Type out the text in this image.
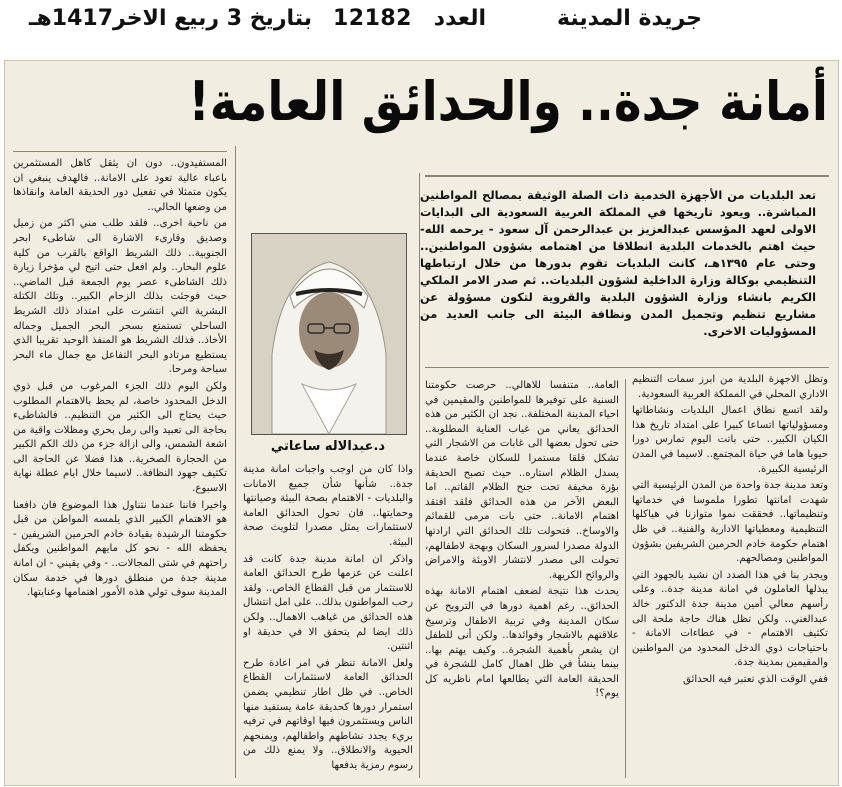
جريدة المدينة
العدد
12182
بتاريخ 3 ربيع الاخر1417هـ
أمانة جدة.. والحدائق العامة!

تعد البلديات من الأجهزة الخدمية ذات الصلة الوثيقة بمصالح المواطنين المباشرة.. ويعود تاريخها في المملكة العربية السعودية الى البدايات الاولى لعهد المؤسس عبدالعزيز بن عبدالرحمن آل سعود - يرحمه الله- حيث اهتم بالخدمات البلدية انطلاقا من اهتمامه بشؤون المواطنين.. وحتى عام ١٣٩٥هـ، كانت البلديات تقوم بدورها من خلال ارتباطها التنظيمي بوكالة وزارة الداخلية لشؤون البلديات.. ثم صدر الامر الملكي الكريم بانشاء وزارة الشؤون البلدية والقروية لتكون مسؤولة عن مشاريع تنظيم وتجميل المدن ونظافة البيئة الى جانب العديد من المسؤوليات الاخرى.

د.عبدالاله ساعاتي

وتظل الاجهزة البلدية من ابرز سمات التنظيم الاداري المحلي في المملكة العربية السعودية.

ولقد اتسع نطاق اعمال البلديات ونشاطاتها ومسؤولياتها اتساعا كبيرا على امتداد تاريخ هذا الكيان الكبير.. حتى باتت اليوم تمارس دورا حيويا هاما في حياة المجتمع.. لاسيما في المدن الرئيسية الكبيرة.

وتعد مدينة جدة واحدة من المدن الرئيسية التي شهدت امانتها تطورا ملموسا في خدماتها وتنظيماتها.. فحققت نموا متوازنا في هياكلها التنظيمية ومعطياتها الادارية والفنية.. في ظل اهتمام حكومة خادم الحرمين الشريفين بشؤون المواطنين ومصالحهم.

ويجدر بنا في هذا الصدد ان نشيد بالجهود التي يبذلها العاملون في امانة مدينة جدة.. وعلى رأسهم معالي أمين مدينة جدة الدكتور خالد عبدالغني.. ولكن تظل هناك حاجة ملحة الى تكثيف الاهتمام - في عطاءات الامانة - باحتياجات ذوي الدخل المحدود من المواطنين والمقيمين بمدينة جدة.

ففي الوقت الذي تعتبر فيه الحدائق

العامة.. متنفسا للاهالي.. حرصت حكومتنا السنية على توفيرها للمواطنين والمقيمين في احياء المدينة المختلفة.. نجد ان الكثير من هذه الحدائق يعاني من غياب العناية المطلوبة.. حتى تحول بعضها الى غابات من الاشجار التي تشكل قلقا مستمرا للسكان خاصة عندما يسدل الظلام استاره.. حيث تصبح الحديقة بؤرة مخيفة تحت جنح الظلام القاتم.. اما البعض الآخر من هذه الحدائق فلقد افتقد اهتمام الامانة.. حتى بات مرمى للقمائم والاوساخ.. فتحولت تلك الحدائق التي ارادتها الدولة مصدرا لسرور السكان وبهجة لاطفالهم، تحولت الى مصدر لانتشار الاوبئة والامراض والروائح الكريهة.

يحدث هذا نتيجة لضعف اهتمام الامانة بهذه الحدائق.. رغم اهمية دورها في الترويح عن سكان المدينة وفي تربية الاطفال وترسيخ علاقتهم بالاشجار وفوائدها.. ولكن أنى للطفل ان يشعر بأهمية الشجرة.. وكيف يهتم بها.. بينما ينشأ في ظل اهمال كامل للشجرة في الحديقة العامة التي يطالعها امام ناظريه كل يوم؟!

واذا كان من اوجب واجبات امانة مدينة جدة.. شأنها شأن جميع الامانات والبلديات - الاهتمام بصحة البيئة وصيانتها وحمايتها.. فان تحول الحدائق العامة لاستثمارات يمثل مصدرا لتلويث صحة البيئة.

واذكر ان امانة مدينة جدة كانت قد اعلنت عن عزمها طرح الحدائق العامة للاستثمار من قبل القطاع الخاص.. ولقد رحب المواطنون بذلك.. على امل انتشال هذه الحدائق من غياهب الاهمال.. ولكن ذلك ايضا لم يتحقق الا في حديقة او اثنتين.

ولعل الامانة تنظر في امر اعادة طرح الحدائق العامة لاستثمارات القطاع الخاص.. في ظل اطار تنظيمي يضمن استمرار دورها كحديقة عامة يستفيد منها الناس ويستثمرون فيها اوقاتهم في ترفيه بريء يجدد نشاطهم واطفالهم، ويمنحهم الحيوية والانطلاق.. ولا يمنع ذلك من رسوم رمزية يدفعها

المستفيدون.. دون ان يثقل كاهل المستثمرين باعباء عالية تعود على الامانة.. فالهدف ينبغي ان يكون متمثلا في تفعيل دور الحديقة العامة وانقاذها من وضعها الحالي..

من ناحية اخرى.. فلقد طلب مني اكثر من زميل وصديق وقارىء الاشارة الى شاطىء ابحر الجنوبية.. ذلك الشريط الواقع بالقرب من كلية علوم البحار.. ولم افعل حتى اتيح لي مؤخرا زيارة ذلك الشاطىء عصر يوم الجمعة قبل الماضي.. حيث فوجئت بذلك الزحام الكبير.. وتلك الكتلة البشرية التي انتشرت على امتداد ذلك الشريط الساحلي تستمتع بسحر البحر الجميل وجماله الأخاذ.. فذلك الشريط هو المنفذ الوحيد تقريبا الذي يستطيع مرتادو البحر التفاعل مع جمال ماء البحر سباحة ومرحا.

ولكن اليوم ذلك الجزء المرغوب من قبل ذوي الدخل المحدود خاصة، لم يحظ بالاهتمام المطلوب حيث يحتاج الى الكثير من التنظيم.. فالشاطىء بحاجة الى تعبيد والى رمل بحري ومظلات واقية من اشعة الشمس، والى ازالة جزء من ذلك الكم الكبير من الحجارة الصخرية.. هذا فضلا عن الحاجة الى تكثيف جهود النظافة.. لاسيما خلال ايام عطلة نهاية الاسبوع.

واخيرا فاننا عندما نتناول هذا الموضوع فان دافعنا هو الاهتمام الكبير الذي يلمسه المواطن من قبل حكومتنا الرشيدة بقيادة خادم الحرمين الشريفين - يحفظه الله - نحو كل مايهم المواطنين ويكفل راحتهم في شتى المجالات.. - وفي يقيني - ان امانة مدينة جدة من منطلق دورها في خدمة سكان المدينة سوف تولي هذه الأمور اهتمامها وعنايتها.
